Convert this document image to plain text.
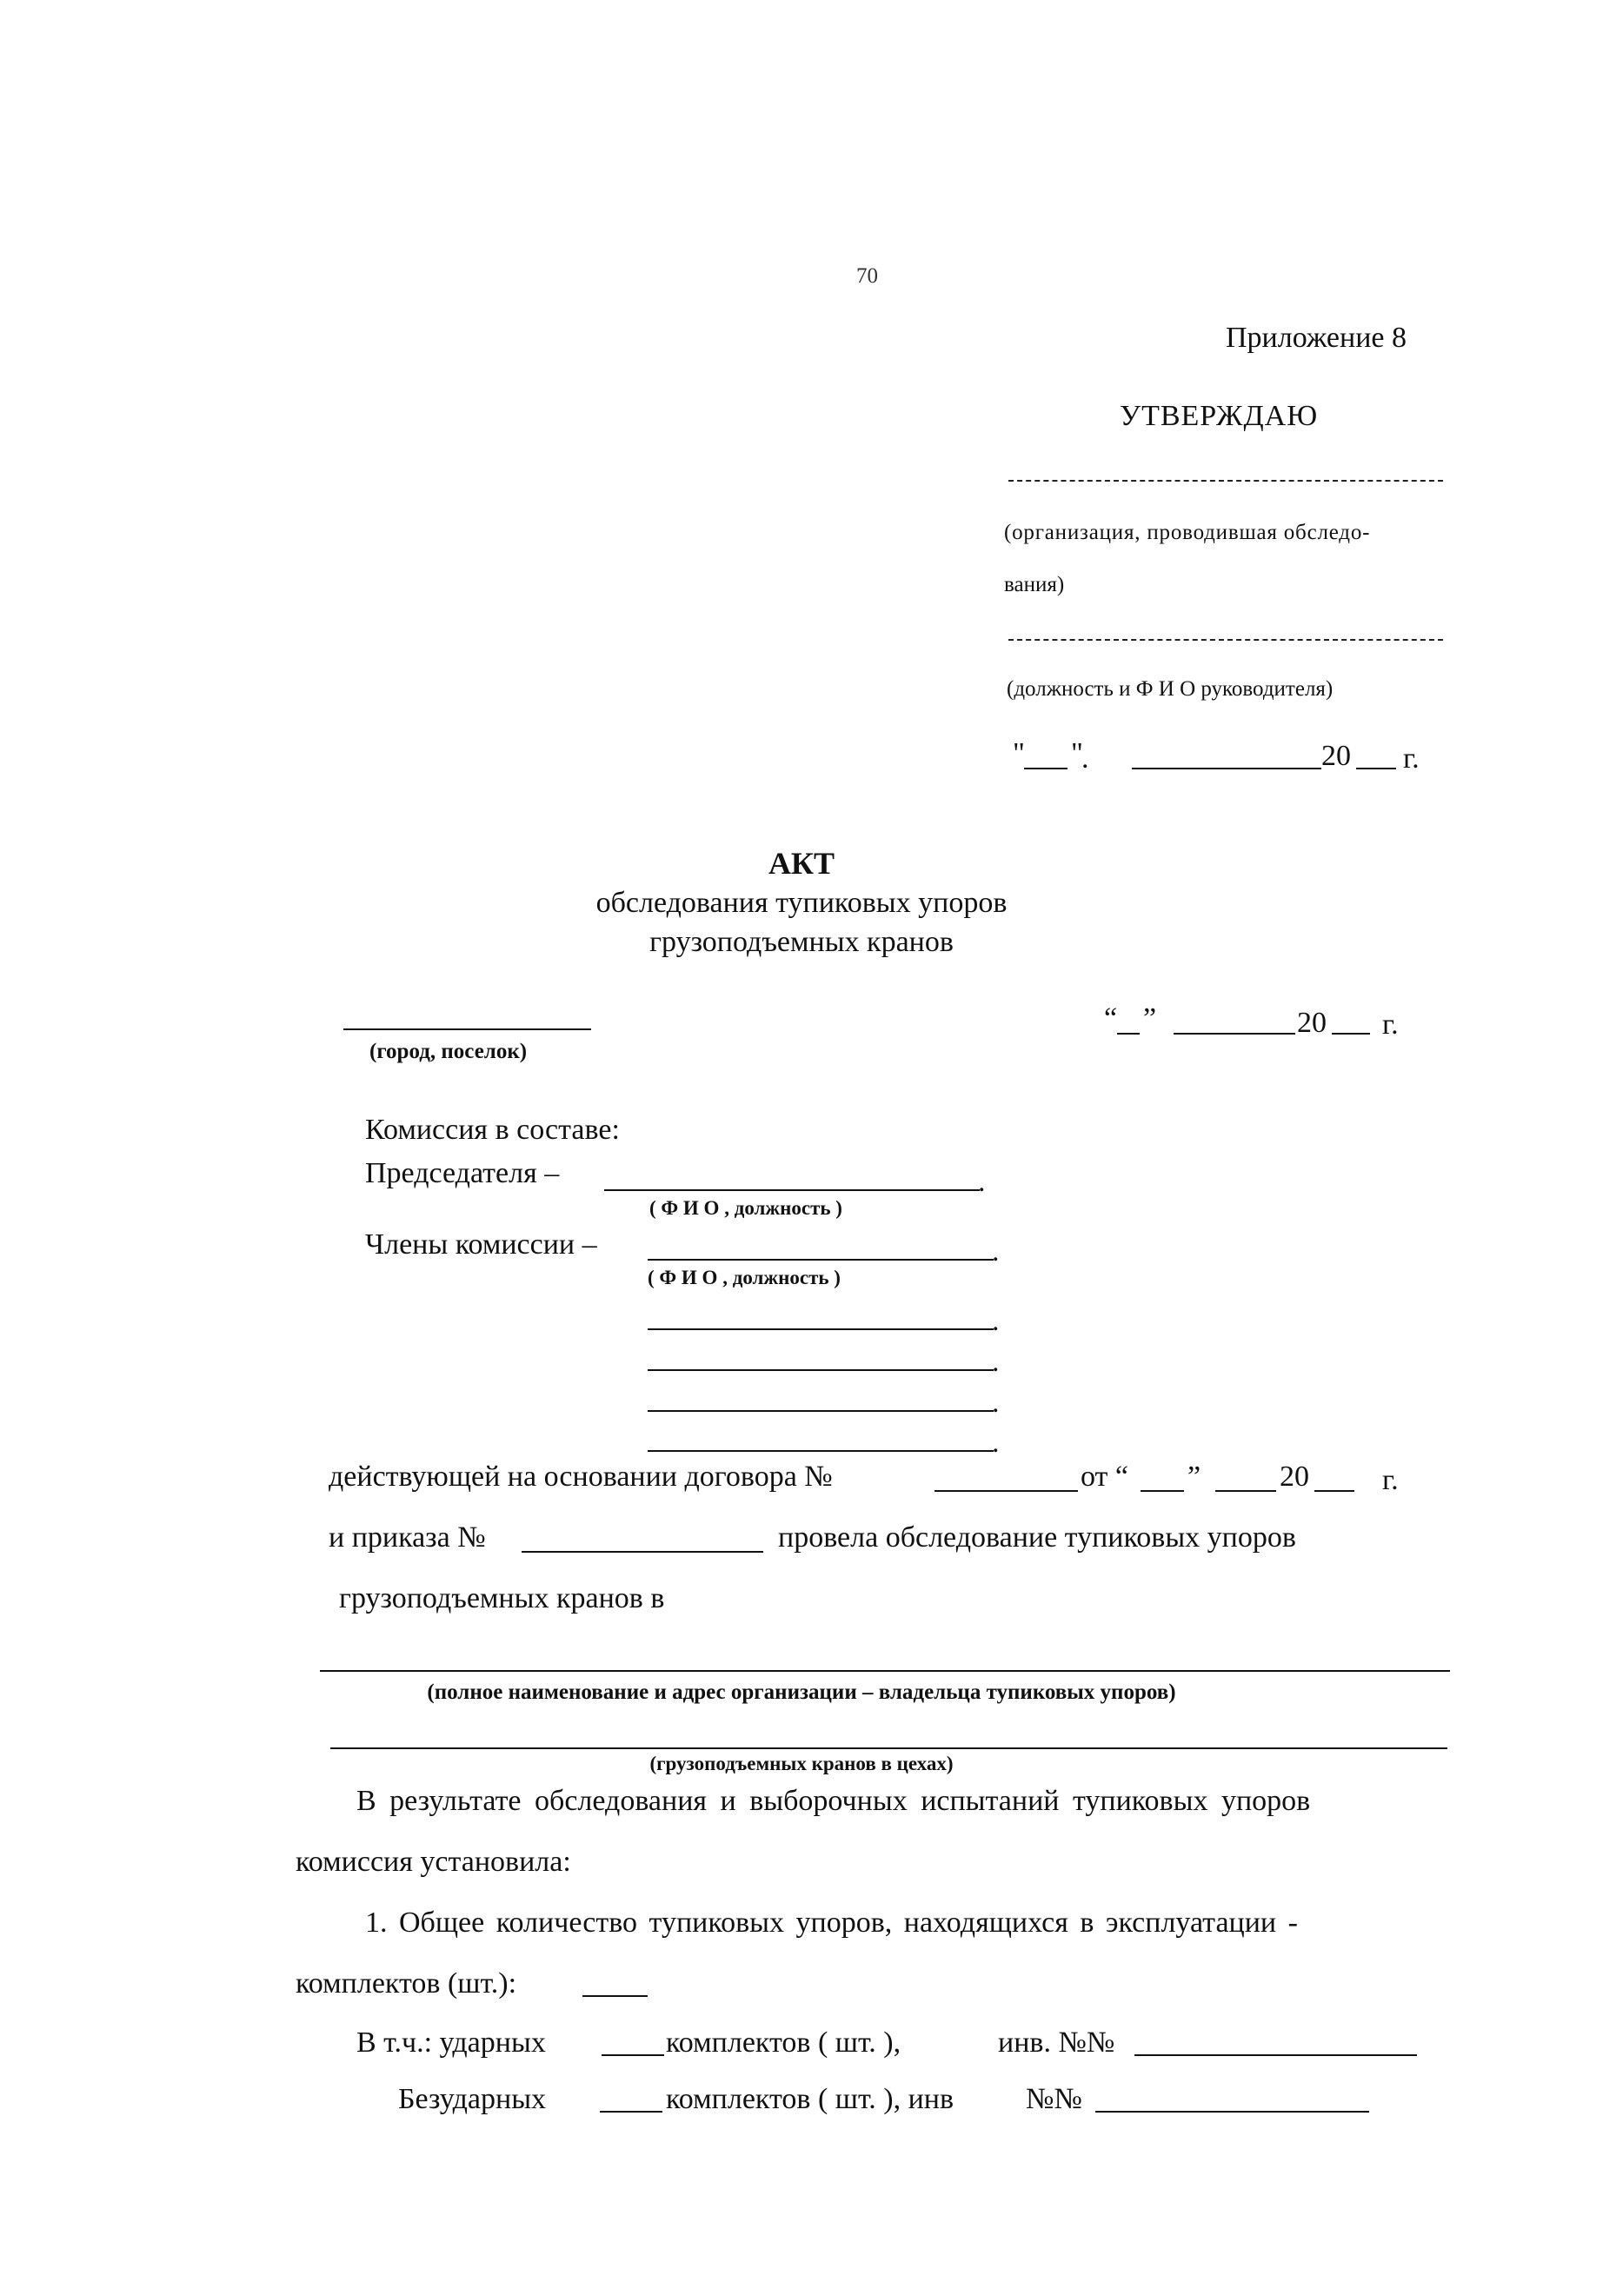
70
Приложение 8
УТВЕРЖДАЮ
(организация, проводившая обследо-
вания)
(должность и Ф И О руководителя)
" "
.	20 г.
АКТ
обследования тупиковых упоров
грузоподъемных кранов
(город, поселок)
“ ”	20 г.
Комиссия в составе:
Председателя –	.
( Ф И О , должность )
Члены комиссии –	.
( Ф И О , должность )
.
.
.
.
действующей на основании договора №	от “ ”	20 г.
и приказа №	провела обследование тупиковых упоров
грузоподъемных кранов в
(полное наименование и адрес организации – владельца тупиковых упоров)
(грузоподъемных кранов в цехах)
В результате обследования и выборочных испытаний тупиковых упоров
комиссия установила:
1. Общее количество тупиковых упоров, находящихся в эксплуатации -
комплектов (шт.):
В т.ч.: ударных	комплектов ( шт. ),	инв. №№
Безударных	комплектов ( шт. ), инв №№
